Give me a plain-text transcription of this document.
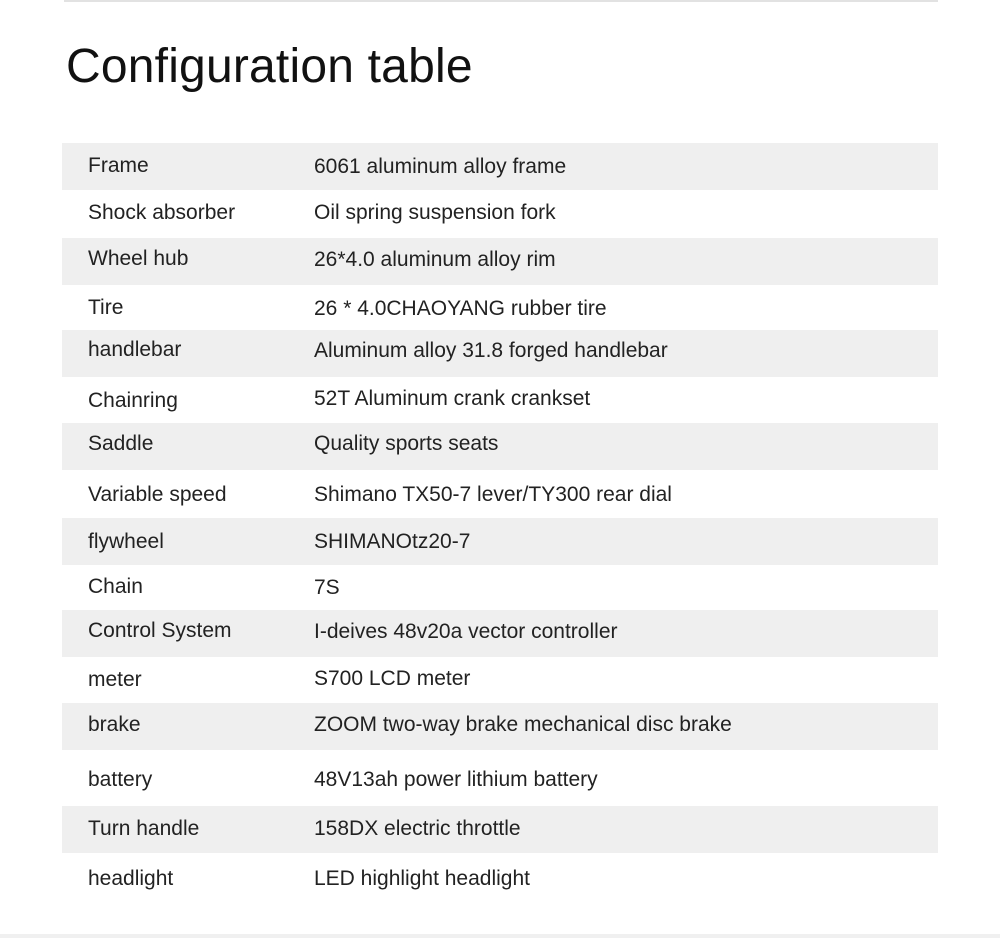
Configuration table
Frame	6061 aluminum alloy frame
Shock absorber	Oil spring suspension fork
Wheel hub	26*4.0 aluminum alloy rim
Tire	26 * 4.0CHAOYANG rubber tire
handlebar	Aluminum alloy 31.8 forged handlebar
Chainring	52T Aluminum crank crankset
Saddle	Quality sports seats
Variable speed	Shimano TX50-7 lever/TY300 rear dial
flywheel	SHIMANOtz20-7
Chain	7S
Control System	I-deives 48v20a vector controller
meter	S700 LCD meter
brake	ZOOM two-way brake mechanical disc brake
battery	48V13ah power lithium battery
Turn handle	158DX electric throttle
headlight	LED highlight headlight
